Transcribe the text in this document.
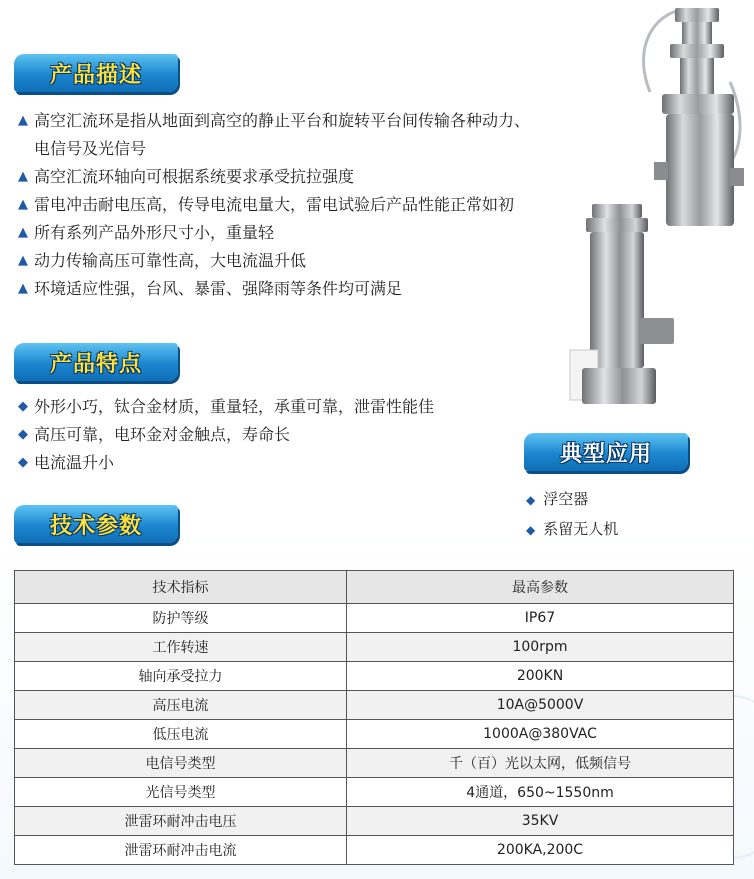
产品描述
产品特点
技术参数
典型应用
▲ 高空汇流环是指从地面到高空的静止平台和旋转平台间传输各种动力、电信号及光信号
▲ 高空汇流环轴向可根据系统要求承受抗拉强度
▲ 雷电冲击耐电压高，传导电流电量大，雷电试验后产品性能正常如初
▲ 所有系列产品外形尺寸小，重量轻
▲ 动力传输高压可靠性高，大电流温升低
▲ 环境适应性强，台风、暴雷、强降雨等条件均可满足
◆ 外形小巧，钛合金材质，重量轻，承重可靠，泄雷性能佳
◆ 高压可靠，电环金对金触点，寿命长
◆ 电流温升小
◆ 浮空器
◆ 系留无人机
技术指标	最高参数
防护等级	IP67
工作转速	100rpm
轴向承受拉力	200KN
高压电流	10A@5000V
低压电流	1000A@380VAC
电信号类型	千（百）光以太网，低频信号
光信号类型	4通道，650~1550nm
泄雷环耐冲击电压	35KV
泄雷环耐冲击电流	200KA,200C
